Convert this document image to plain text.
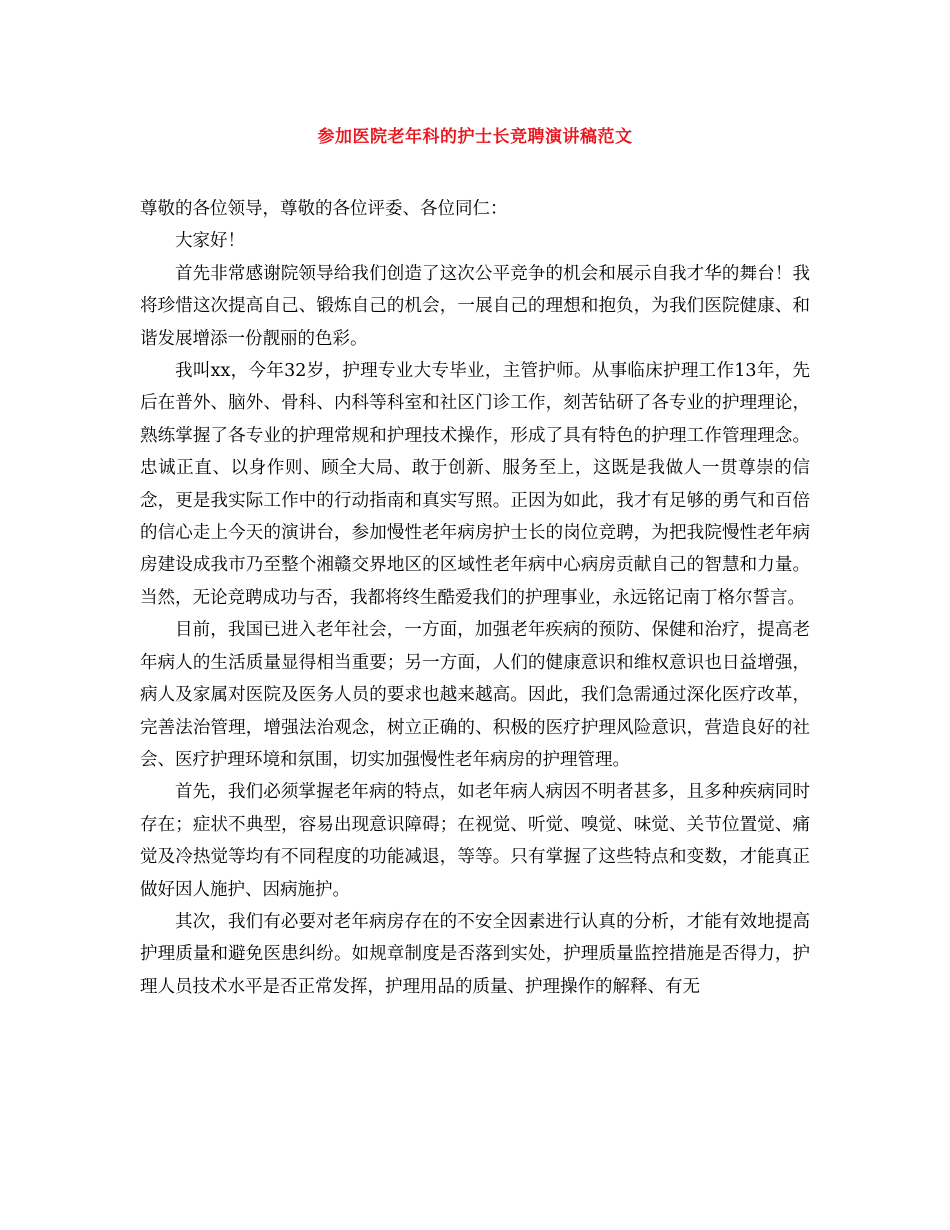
参加医院老年科的护士长竞聘演讲稿范文

尊敬的各位领导，尊敬的各位评委、各位同仁：

大家好！

首先非常感谢院领导给我们创造了这次公平竞争的机会和展示自我才华的舞台！我将珍惜这次提高自己、锻炼自己的机会，一展自己的理想和抱负，为我们医院健康、和谐发展增添一份靓丽的色彩。

我叫xx，今年32岁，护理专业大专毕业，主管护师。从事临床护理工作13年，先后在普外、脑外、骨科、内科等科室和社区门诊工作，刻苦钻研了各专业的护理理论，熟练掌握了各专业的护理常规和护理技术操作，形成了具有特色的护理工作管理理念。忠诚正直、以身作则、顾全大局、敢于创新、服务至上，这既是我做人一贯尊崇的信念，更是我实际工作中的行动指南和真实写照。正因为如此，我才有足够的勇气和百倍的信心走上今天的演讲台，参加慢性老年病房护士长的岗位竞聘，为把我院慢性老年病房建设成我市乃至整个湘赣交界地区的区域性老年病中心病房贡献自己的智慧和力量。当然，无论竞聘成功与否，我都将终生酷爱我们的护理事业，永远铭记南丁格尔誓言。

目前，我国已进入老年社会，一方面，加强老年疾病的预防、保健和治疗，提高老年病人的生活质量显得相当重要；另一方面，人们的健康意识和维权意识也日益增强，病人及家属对医院及医务人员的要求也越来越高。因此，我们急需通过深化医疗改革，完善法治管理，增强法治观念，树立正确的、积极的医疗护理风险意识，营造良好的社会、医疗护理环境和氛围，切实加强慢性老年病房的护理管理。

首先，我们必须掌握老年病的特点，如老年病人病因不明者甚多，且多种疾病同时存在；症状不典型，容易出现意识障碍；在视觉、听觉、嗅觉、味觉、关节位置觉、痛觉及冷热觉等均有不同程度的功能减退，等等。只有掌握了这些特点和变数，才能真正做好因人施护、因病施护。

其次，我们有必要对老年病房存在的不安全因素进行认真的分析，才能有效地提高护理质量和避免医患纠纷。如规章制度是否落到实处，护理质量监控措施是否得力，护理人员技术水平是否正常发挥，护理用品的质量、护理操作的解释、有无
